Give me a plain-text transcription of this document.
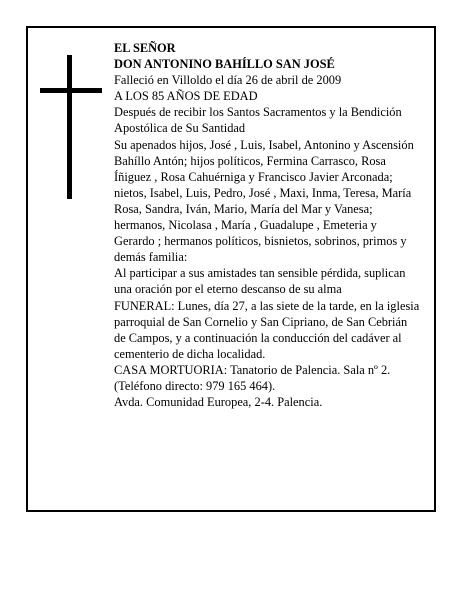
EL SEÑOR

DON ANTONINO BAHÍLLO SAN JOSÉ

Falleció en Villoldo el día 26 de abril de 2009

A LOS 85 AÑOS DE EDAD

Después de recibir los Santos Sacramentos y la Bendición Apostólica de Su Santidad

Su apenados hijos, José , Luis, Isabel, Antonino y Ascensión Bahíllo Antón; hijos políticos, Fermina Carrasco, Rosa Íñiguez , Rosa Cahuérniga y Francisco Javier Arconada; nietos, Isabel, Luis, Pedro, José , Maxi, Inma, Teresa, María Rosa, Sandra, Iván, Mario, María del Mar y Vanesa; hermanos, Nicolasa , María , Guadalupe , Emeteria y Gerardo ; hermanos políticos, bisnietos, sobrinos, primos y demás familia:

Al participar a sus amistades tan sensible pérdida, suplican una oración por el eterno descanso de su alma

FUNERAL: Lunes, día 27, a las siete de la tarde, en la iglesia parroquial de San Cornelio y San Cipriano, de San Cebrián de Campos, y a continuación la conducción del cadáver al cementerio de dicha localidad.

CASA MORTUORIA: Tanatorio de Palencia. Sala nº 2.

(Teléfono directo: 979 165 464).

Avda. Comunidad Europea, 2-4. Palencia.
